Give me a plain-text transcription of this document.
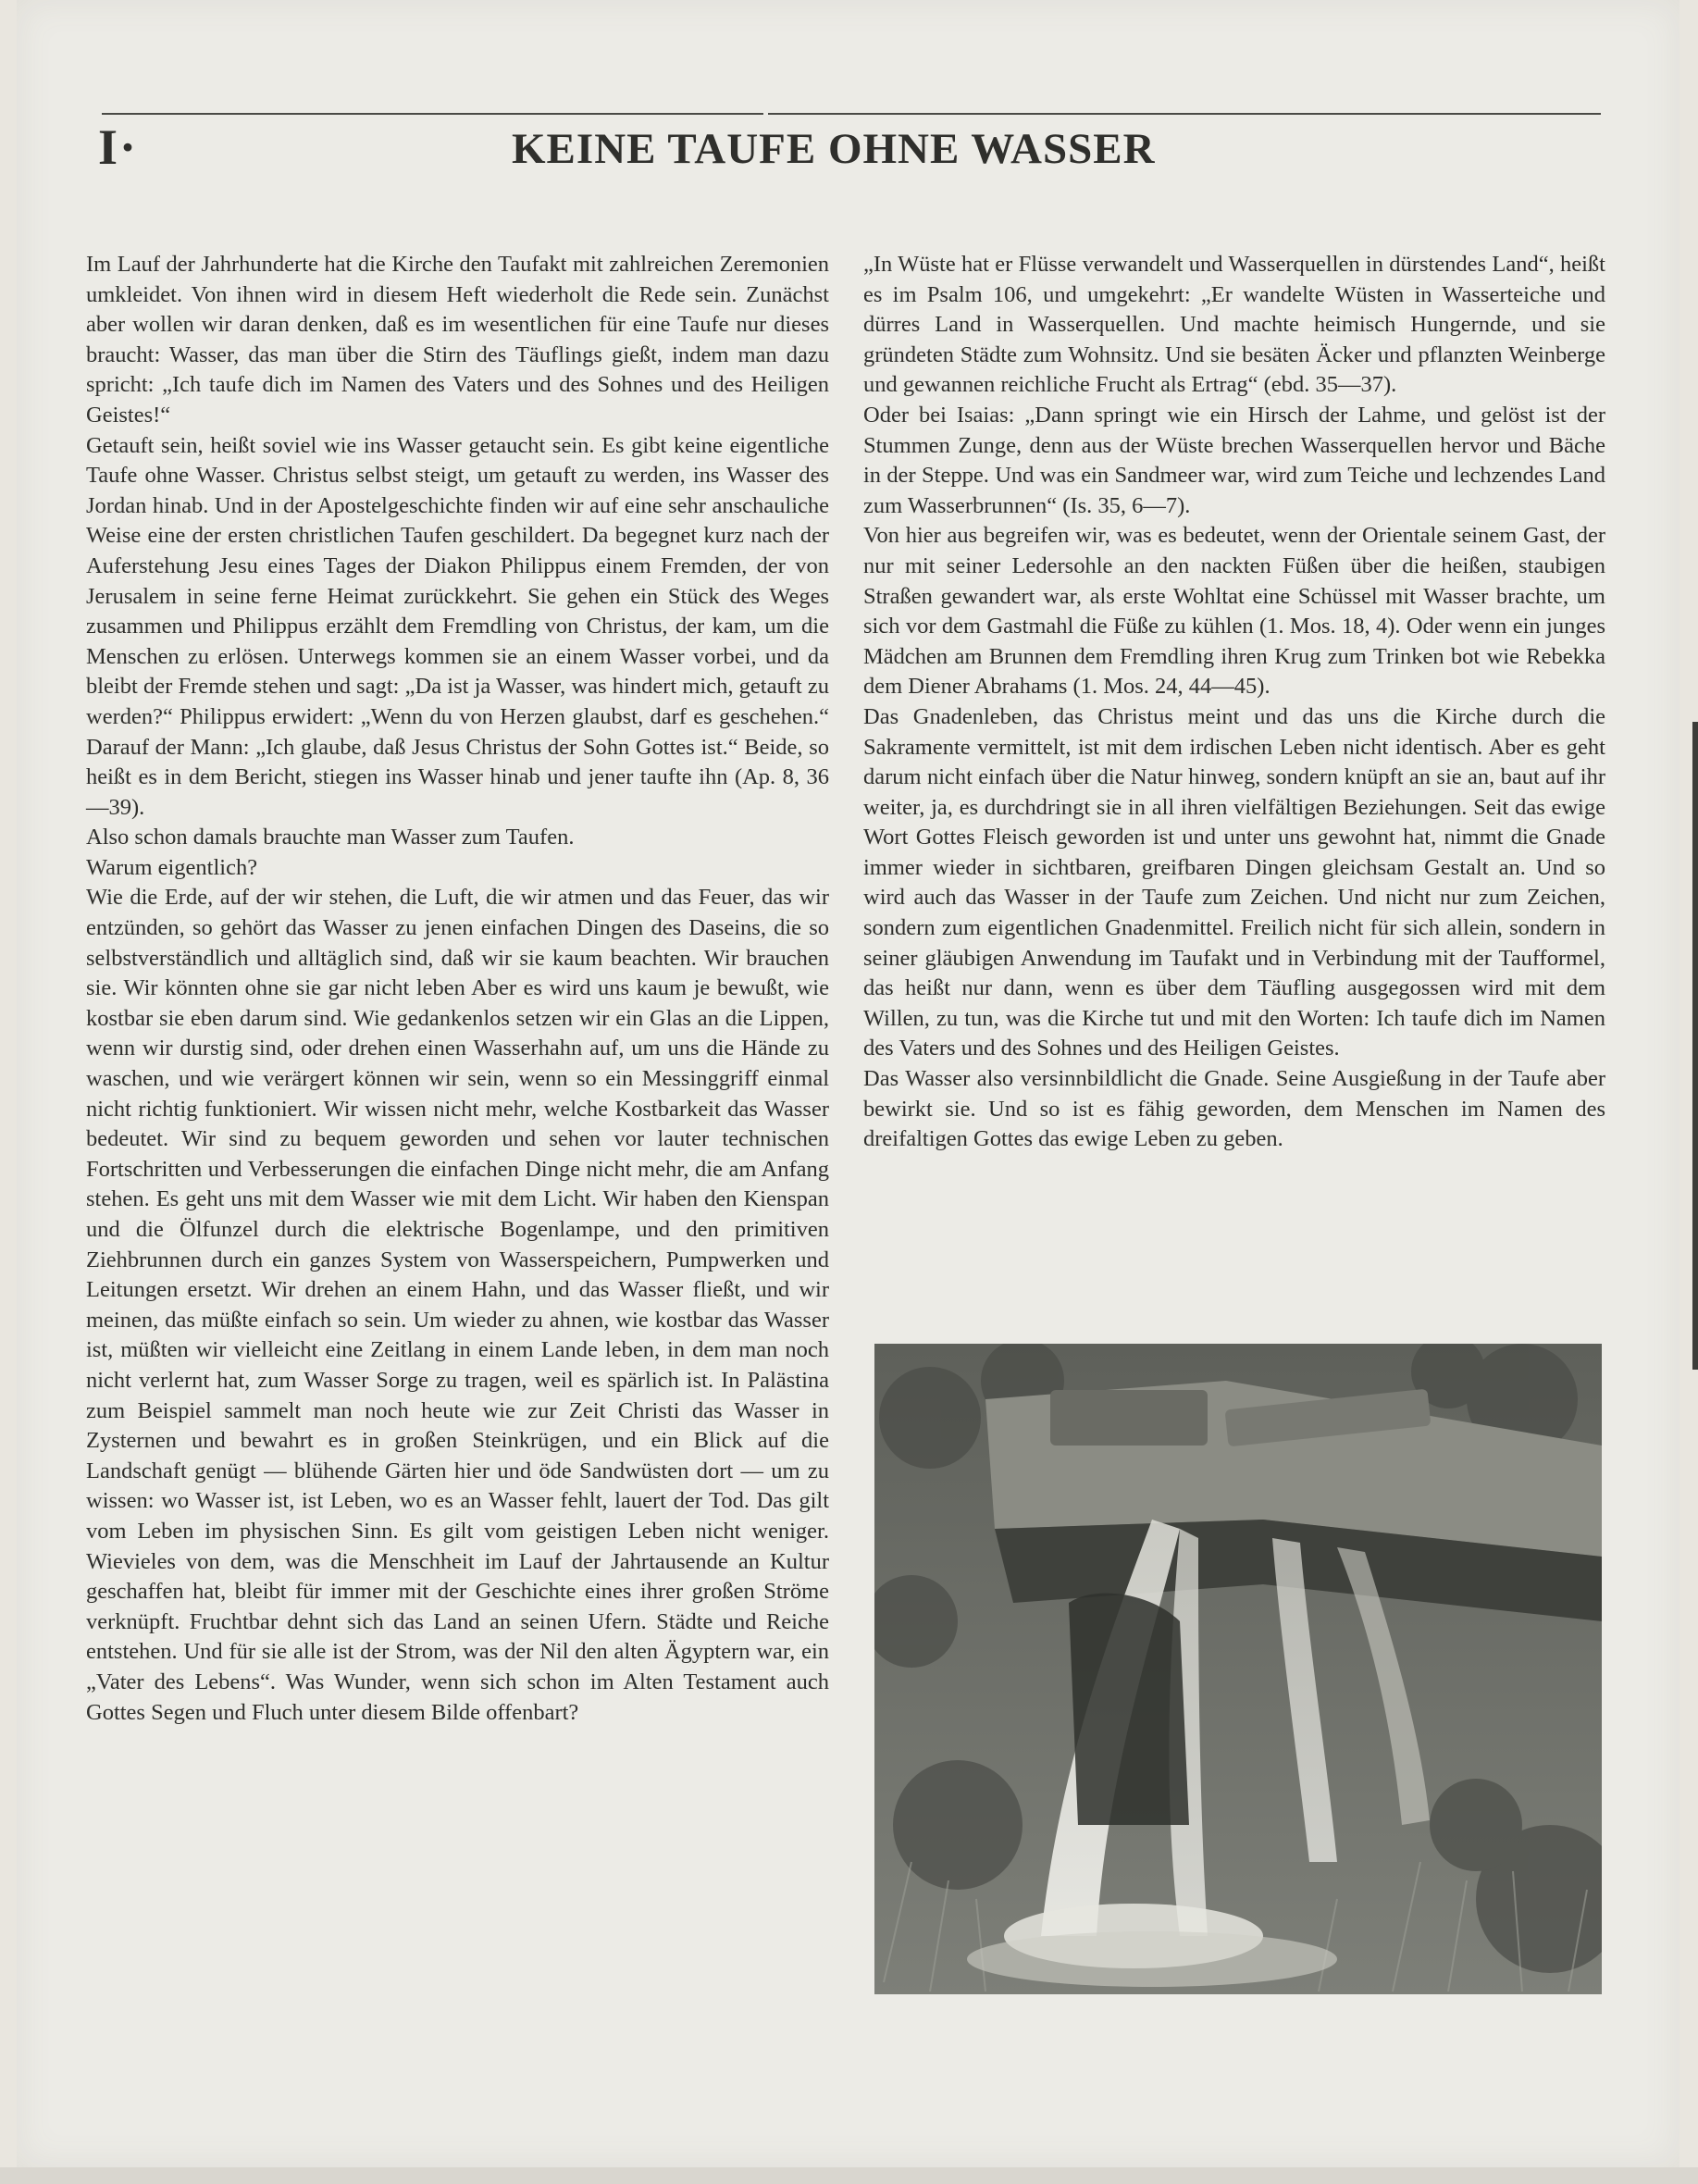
I·	KEINE TAUFE OHNE WASSER

Im Lauf der Jahrhunderte hat die Kirche den Taufakt mit zahlreichen Zeremonien umkleidet. Von ihnen wird in diesem Heft wiederholt die Rede sein. Zunächst aber wollen wir daran denken, daß es im wesentlichen für eine Taufe nur dieses braucht: Wasser, das man über die Stirn des Täuflings gießt, indem man dazu spricht: „Ich taufe dich im Namen des Vaters und des Sohnes und des Heiligen Geistes!“

Getauft sein, heißt soviel wie ins Wasser getaucht sein. Es gibt keine eigentliche Taufe ohne Wasser. Christus selbst steigt, um getauft zu werden, ins Wasser des Jordan hinab. Und in der Apostelgeschichte finden wir auf eine sehr anschauliche Weise eine der ersten christlichen Taufen geschildert. Da begegnet kurz nach der Auferstehung Jesu eines Tages der Diakon Philippus einem Fremden, der von Jerusalem in seine ferne Heimat zurückkehrt. Sie gehen ein Stück des Weges zusammen und Philippus erzählt dem Fremdling von Christus, der kam, um die Menschen zu erlösen. Unterwegs kommen sie an einem Wasser vorbei, und da bleibt der Fremde stehen und sagt: „Da ist ja Wasser, was hindert mich, getauft zu werden?“ Philippus erwidert: „Wenn du von Herzen glaubst, darf es geschehen.“ Darauf der Mann: „Ich glaube, daß Jesus Christus der Sohn Gottes ist.“ Beide, so heißt es in dem Bericht, stiegen ins Wasser hinab und jener taufte ihn (Ap. 8, 36—39).

Also schon damals brauchte man Wasser zum Taufen.

Warum eigentlich?

Wie die Erde, auf der wir stehen, die Luft, die wir atmen und das Feuer, das wir entzünden, so gehört das Wasser zu jenen einfachen Dingen des Daseins, die so selbstverständlich und alltäglich sind, daß wir sie kaum beachten. Wir brauchen sie. Wir könnten ohne sie gar nicht leben Aber es wird uns kaum je bewußt, wie kostbar sie eben darum sind. Wie gedankenlos setzen wir ein Glas an die Lippen, wenn wir durstig sind, oder drehen einen Wasserhahn auf, um uns die Hände zu waschen, und wie verärgert können wir sein, wenn so ein Messinggriff einmal nicht richtig funktioniert. Wir wissen nicht mehr, welche Kostbarkeit das Wasser bedeutet. Wir sind zu bequem geworden und sehen vor lauter technischen Fortschritten und Verbesserungen die einfachen Dinge nicht mehr, die am Anfang stehen. Es geht uns mit dem Wasser wie mit dem Licht. Wir haben den Kienspan und die Ölfunzel durch die elektrische Bogenlampe, und den primitiven Ziehbrunnen durch ein ganzes System von Wasserspeichern, Pumpwerken und Leitungen ersetzt. Wir drehen an einem Hahn, und das Wasser fließt, und wir meinen, das müßte einfach so sein. Um wieder zu ahnen, wie kostbar das Wasser ist, müßten wir vielleicht eine Zeitlang in einem Lande leben, in dem man noch nicht verlernt hat, zum Wasser Sorge zu tragen, weil es spärlich ist. In Palästina zum Beispiel sammelt man noch heute wie zur Zeit Christi das Wasser in Zysternen und bewahrt es in großen Steinkrügen, und ein Blick auf die Landschaft genügt — blühende Gärten hier und öde Sandwüsten dort — um zu wissen: wo Wasser ist, ist Leben, wo es an Wasser fehlt, lauert der Tod. Das gilt vom Leben im physischen Sinn. Es gilt vom geistigen Leben nicht weniger. Wievieles von dem, was die Menschheit im Lauf der Jahrtausende an Kultur geschaffen hat, bleibt für immer mit der Geschichte eines ihrer großen Ströme verknüpft. Fruchtbar dehnt sich das Land an seinen Ufern. Städte und Reiche entstehen. Und für sie alle ist der Strom, was der Nil den alten Ägyptern war, ein „Vater des Lebens“. Was Wunder, wenn sich schon im Alten Testament auch Gottes Segen und Fluch unter diesem Bilde offenbart?

„In Wüste hat er Flüsse verwandelt und Wasserquellen in dürstendes Land“, heißt es im Psalm 106, und umgekehrt: „Er wandelte Wüsten in Wasserteiche und dürres Land in Wasserquellen. Und machte heimisch Hungernde, und sie gründeten Städte zum Wohnsitz. Und sie besäten Äcker und pflanzten Weinberge und gewannen reichliche Frucht als Ertrag“ (ebd. 35—37).

Oder bei Isaias: „Dann springt wie ein Hirsch der Lahme, und gelöst ist der Stummen Zunge, denn aus der Wüste brechen Wasserquellen hervor und Bäche in der Steppe. Und was ein Sandmeer war, wird zum Teiche und lechzendes Land zum Wasserbrunnen“ (Is. 35, 6—7).

Von hier aus begreifen wir, was es bedeutet, wenn der Orientale seinem Gast, der nur mit seiner Ledersohle an den nackten Füßen über die heißen, staubigen Straßen gewandert war, als erste Wohltat eine Schüssel mit Wasser brachte, um sich vor dem Gastmahl die Füße zu kühlen (1. Mos. 18, 4). Oder wenn ein junges Mädchen am Brunnen dem Fremdling ihren Krug zum Trinken bot wie Rebekka dem Diener Abrahams (1. Mos. 24, 44—45).

Das Gnadenleben, das Christus meint und das uns die Kirche durch die Sakramente vermittelt, ist mit dem irdischen Leben nicht identisch. Aber es geht darum nicht einfach über die Natur hinweg, sondern knüpft an sie an, baut auf ihr weiter, ja, es durchdringt sie in all ihren vielfältigen Beziehungen. Seit das ewige Wort Gottes Fleisch geworden ist und unter uns gewohnt hat, nimmt die Gnade immer wieder in sichtbaren, greifbaren Dingen gleichsam Gestalt an. Und so wird auch das Wasser in der Taufe zum Zeichen. Und nicht nur zum Zeichen, sondern zum eigentlichen Gnadenmittel. Freilich nicht für sich allein, sondern in seiner gläubigen Anwendung im Taufakt und in Verbindung mit der Taufformel, das heißt nur dann, wenn es über dem Täufling ausgegossen wird mit dem Willen, zu tun, was die Kirche tut und mit den Worten: Ich taufe dich im Namen des Vaters und des Sohnes und des Heiligen Geistes.

Das Wasser also versinnbildlicht die Gnade. Seine Ausgießung in der Taufe aber bewirkt sie. Und so ist es fähig geworden, dem Menschen im Namen des dreifaltigen Gottes das ewige Leben zu geben.
